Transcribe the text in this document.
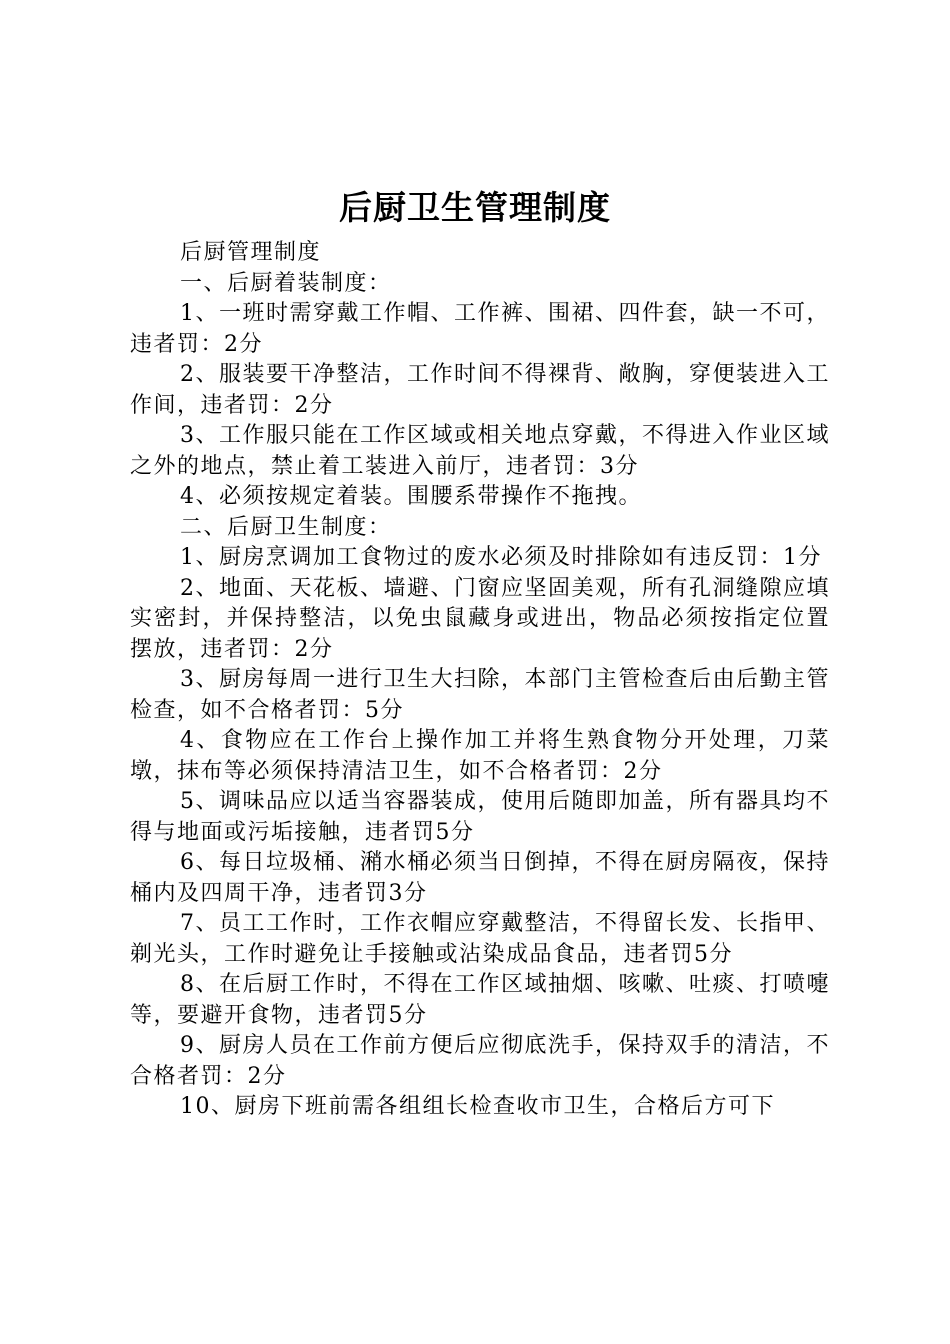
后厨卫生管理制度

后厨管理制度

一、后厨着装制度：

1、一班时需穿戴工作帽、工作裤、围裙、四件套，缺一不可，违者罚：2分

2、服装要干净整洁，工作时间不得裸背、敞胸，穿便装进入工作间，违者罚：2分

3、工作服只能在工作区域或相关地点穿戴，不得进入作业区域之外的地点，禁止着工装进入前厅，违者罚：3分

4、必须按规定着装。围腰系带操作不拖拽。

二、后厨卫生制度：

1、厨房烹调加工食物过的废水必须及时排除如有违反罚：1分

2、地面、天花板、墙避、门窗应坚固美观，所有孔洞缝隙应填实密封，并保持整洁，以免虫鼠藏身或进出，物品必须按指定位置摆放，违者罚：2分

3、厨房每周一进行卫生大扫除，本部门主管检查后由后勤主管检查，如不合格者罚：5分

4、食物应在工作台上操作加工并将生熟食物分开处理，刀菜墩，抹布等必须保持清洁卫生，如不合格者罚：2分

5、调味品应以适当容器装成，使用后随即加盖，所有器具均不得与地面或污垢接触，违者罚5分

6、每日垃圾桶、潲水桶必须当日倒掉，不得在厨房隔夜，保持桶内及四周干净，违者罚3分

7、员工工作时，工作衣帽应穿戴整洁，不得留长发、长指甲、剃光头，工作时避免让手接触或沾染成品食品，违者罚5分

8、在后厨工作时，不得在工作区域抽烟、咳嗽、吐痰、打喷嚏等，要避开食物，违者罚5分

9、厨房人员在工作前方便后应彻底洗手，保持双手的清洁，不合格者罚：2分

10、厨房下班前需各组组长检查收市卫生，合格后方可下
